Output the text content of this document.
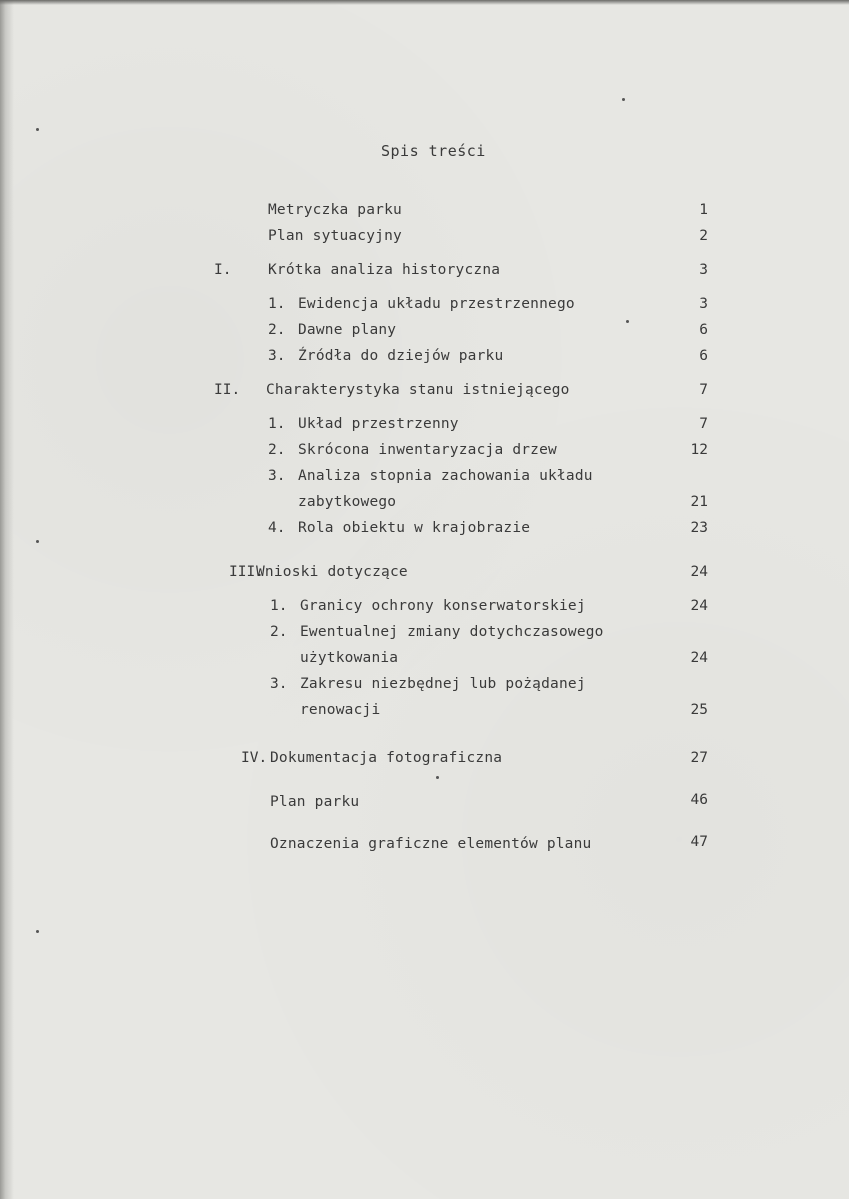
Spis treści
Metryczka parku	1
Plan sytuacyjny	2
I.	Krótka analiza historyczna	3
1. Ewidencja układu przestrzennego	3
2. Dawne plany	6
3. Źródła do dziejów parku	6
II. Charakterystyka stanu istniejącego	7
1. Układ przestrzenny	7
2. Skrócona inwentaryzacja drzew	12
3. Analiza stopnia zachowania układu
zabytkowego	21
4. Rola obiektu w krajobrazie	23
III.
Wnioski dotyczące	24
1. Granicy ochrony konserwatorskiej	24
2. Ewentualnej zmiany dotychczasowego
użytkowania	24
3. Zakresu niezbędnej lub pożądanej
renowacji	25
IV. Dokumentacja fotograficzna	27
Plan parku	46
Oznaczenia graficzne elementów planu	47
